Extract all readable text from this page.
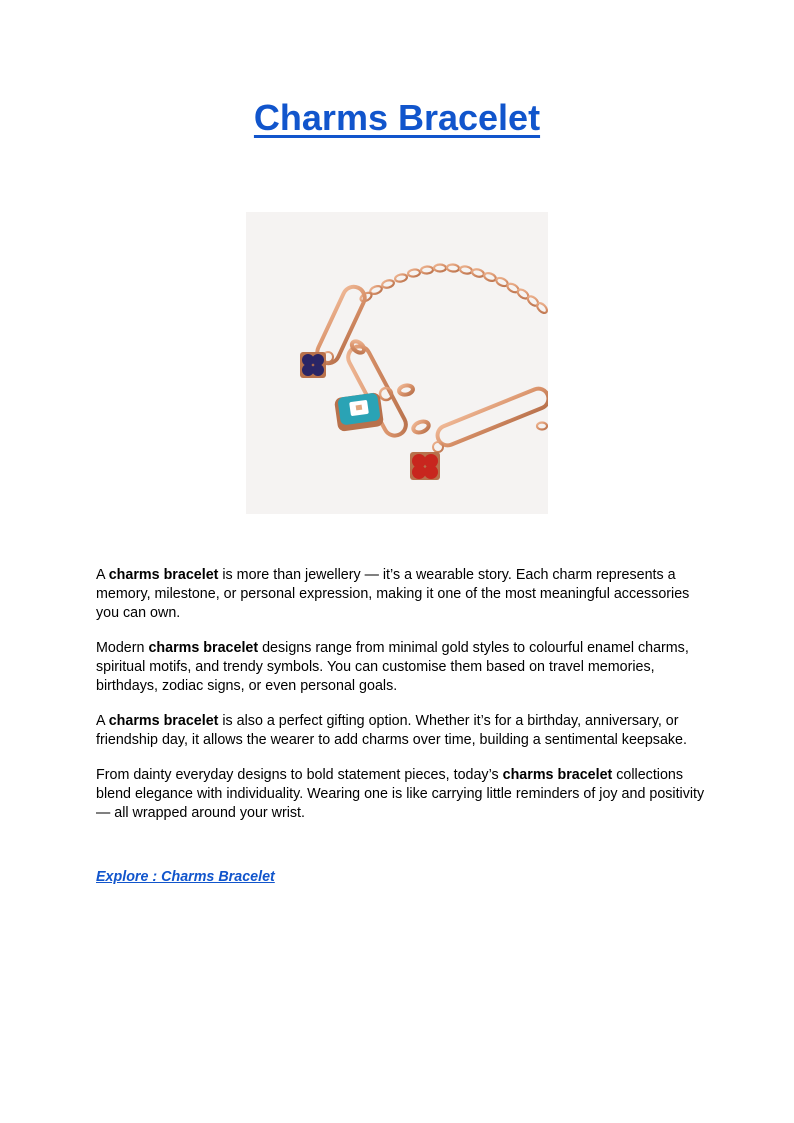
Charms Bracelet

A charms bracelet is more than jewellery — it’s a wearable story. Each charm represents a memory, milestone, or personal expression, making it one of the most meaningful accessories you can own.

Modern charms bracelet designs range from minimal gold styles to colourful enamel charms, spiritual motifs, and trendy symbols. You can customise them based on travel memories, birthdays, zodiac signs, or even personal goals.

A charms bracelet is also a perfect gifting option. Whether it’s for a birthday, anniversary, or friendship day, it allows the wearer to add charms over time, building a sentimental keepsake.

From dainty everyday designs to bold statement pieces, today’s charms bracelet collections blend elegance with individuality. Wearing one is like carrying little reminders of joy and positivity — all wrapped around your wrist.

Explore : Charms Bracelet
